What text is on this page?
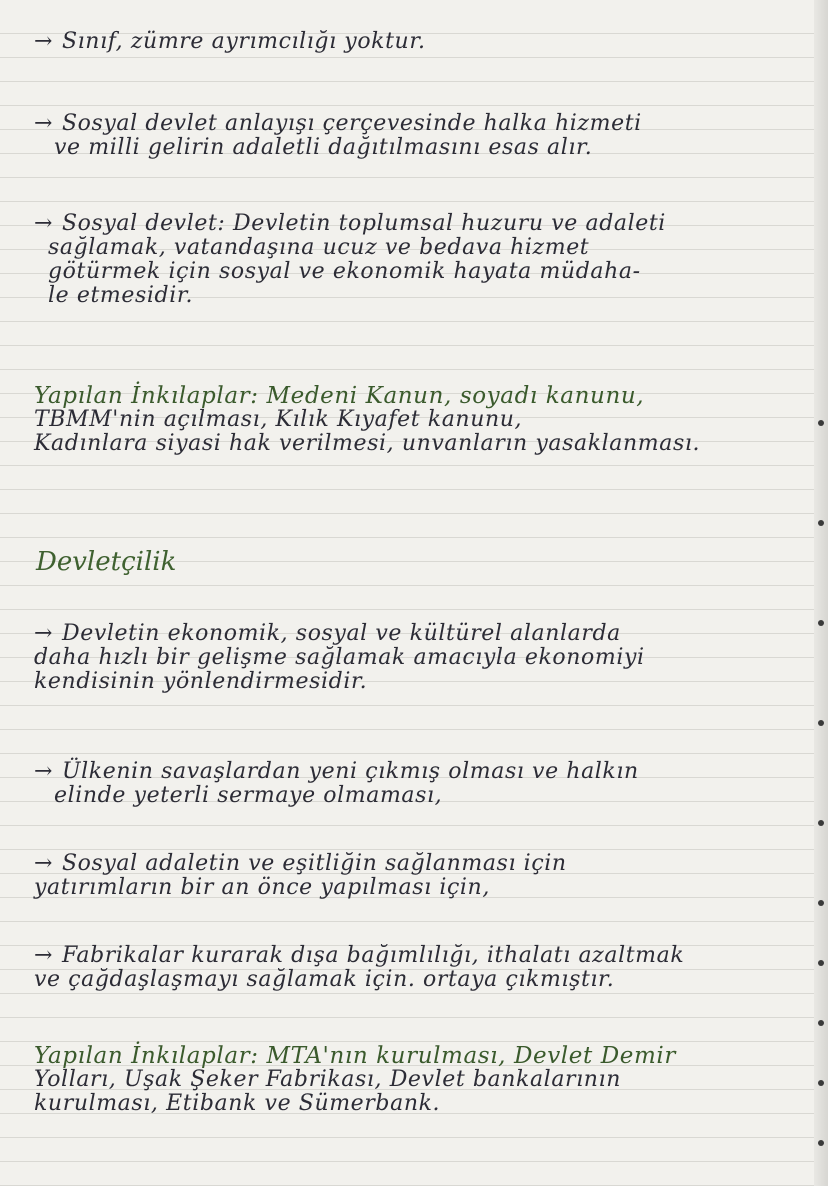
→ Sınıf, zümre ayrımcılığı yoktur.
→ Sosyal devlet anlayışı çerçevesinde halka hizmeti
ve milli gelirin adaletli dağıtılmasını esas alır.
→ Sosyal devlet: Devletin toplumsal huzuru ve adaleti
sağlamak, vatandaşına ucuz ve bedava hizmet
götürmek için sosyal ve ekonomik hayata müdaha-
le etmesidir.
Yapılan İnkılaplar: Medeni Kanun, soyadı kanunu,
TBMM'nin açılması, Kılık Kıyafet kanunu,
Kadınlara siyasi hak verilmesi, unvanların yasaklanması.
Devletçilik
→ Devletin ekonomik, sosyal ve kültürel alanlarda
daha hızlı bir gelişme sağlamak amacıyla ekonomiyi
kendisinin yönlendirmesidir.
→ Ülkenin savaşlardan yeni çıkmış olması ve halkın
elinde yeterli sermaye olmaması,
→ Sosyal adaletin ve eşitliğin sağlanması için
yatırımların bir an önce yapılması için,
→ Fabrikalar kurarak dışa bağımlılığı, ithalatı azaltmak
ve çağdaşlaşmayı sağlamak için. ortaya çıkmıştır.
Yapılan İnkılaplar: MTA'nın kurulması, Devlet Demir
Yolları, Uşak Şeker Fabrikası, Devlet bankalarının
kurulması, Etibank ve Sümerbank.
